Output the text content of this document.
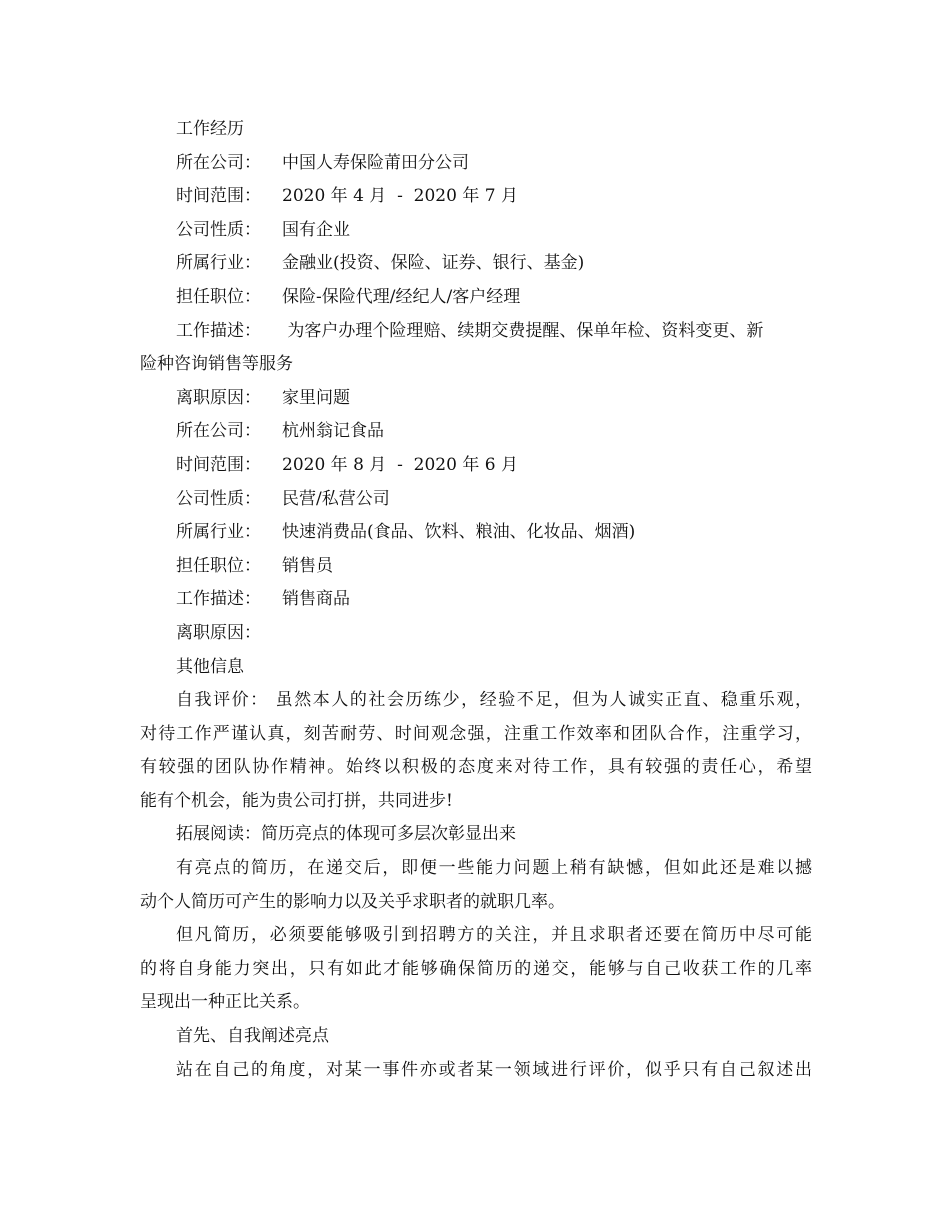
工作经历
所在公司： 中国人寿保险莆田分公司
时间范围： 2020 年 4 月  -  2020 年 7 月
公司性质： 国有企业
所属行业： 金融业(投资、保险、证券、银行、基金)
担任职位： 保险-保险代理/经纪人/客户经理
工作描述： 为客户办理个险理赔、续期交费提醒、保单年检、资料变更、新
险种咨询销售等服务
离职原因： 家里问题
所在公司： 杭州翁记食品
时间范围： 2020 年 8 月  -  2020 年 6 月
公司性质： 民营/私营公司
所属行业： 快速消费品(食品、饮料、粮油、化妆品、烟酒)
担任职位： 销售员
工作描述： 销售商品
离职原因：
其他信息
自我评价： 虽然本人的社会历练少，经验不足，但为人诚实正直、稳重乐观，
对待工作严谨认真，刻苦耐劳、时间观念强，注重工作效率和团队合作，注重学习，
有较强的团队协作精神。始终以积极的态度来对待工作，具有较强的责任心，希望
能有个机会，能为贵公司打拼，共同进步!
拓展阅读：简历亮点的体现可多层次彰显出来
有亮点的简历，在递交后，即便一些能力问题上稍有缺憾，但如此还是难以撼
动个人简历可产生的影响力以及关乎求职者的就职几率。
但凡简历，必须要能够吸引到招聘方的关注，并且求职者还要在简历中尽可能
的将自身能力突出，只有如此才能够确保简历的递交，能够与自己收获工作的几率
呈现出一种正比关系。
首先、自我阐述亮点
站在自己的角度，对某一事件亦或者某一领域进行评价，似乎只有自己叙述出
